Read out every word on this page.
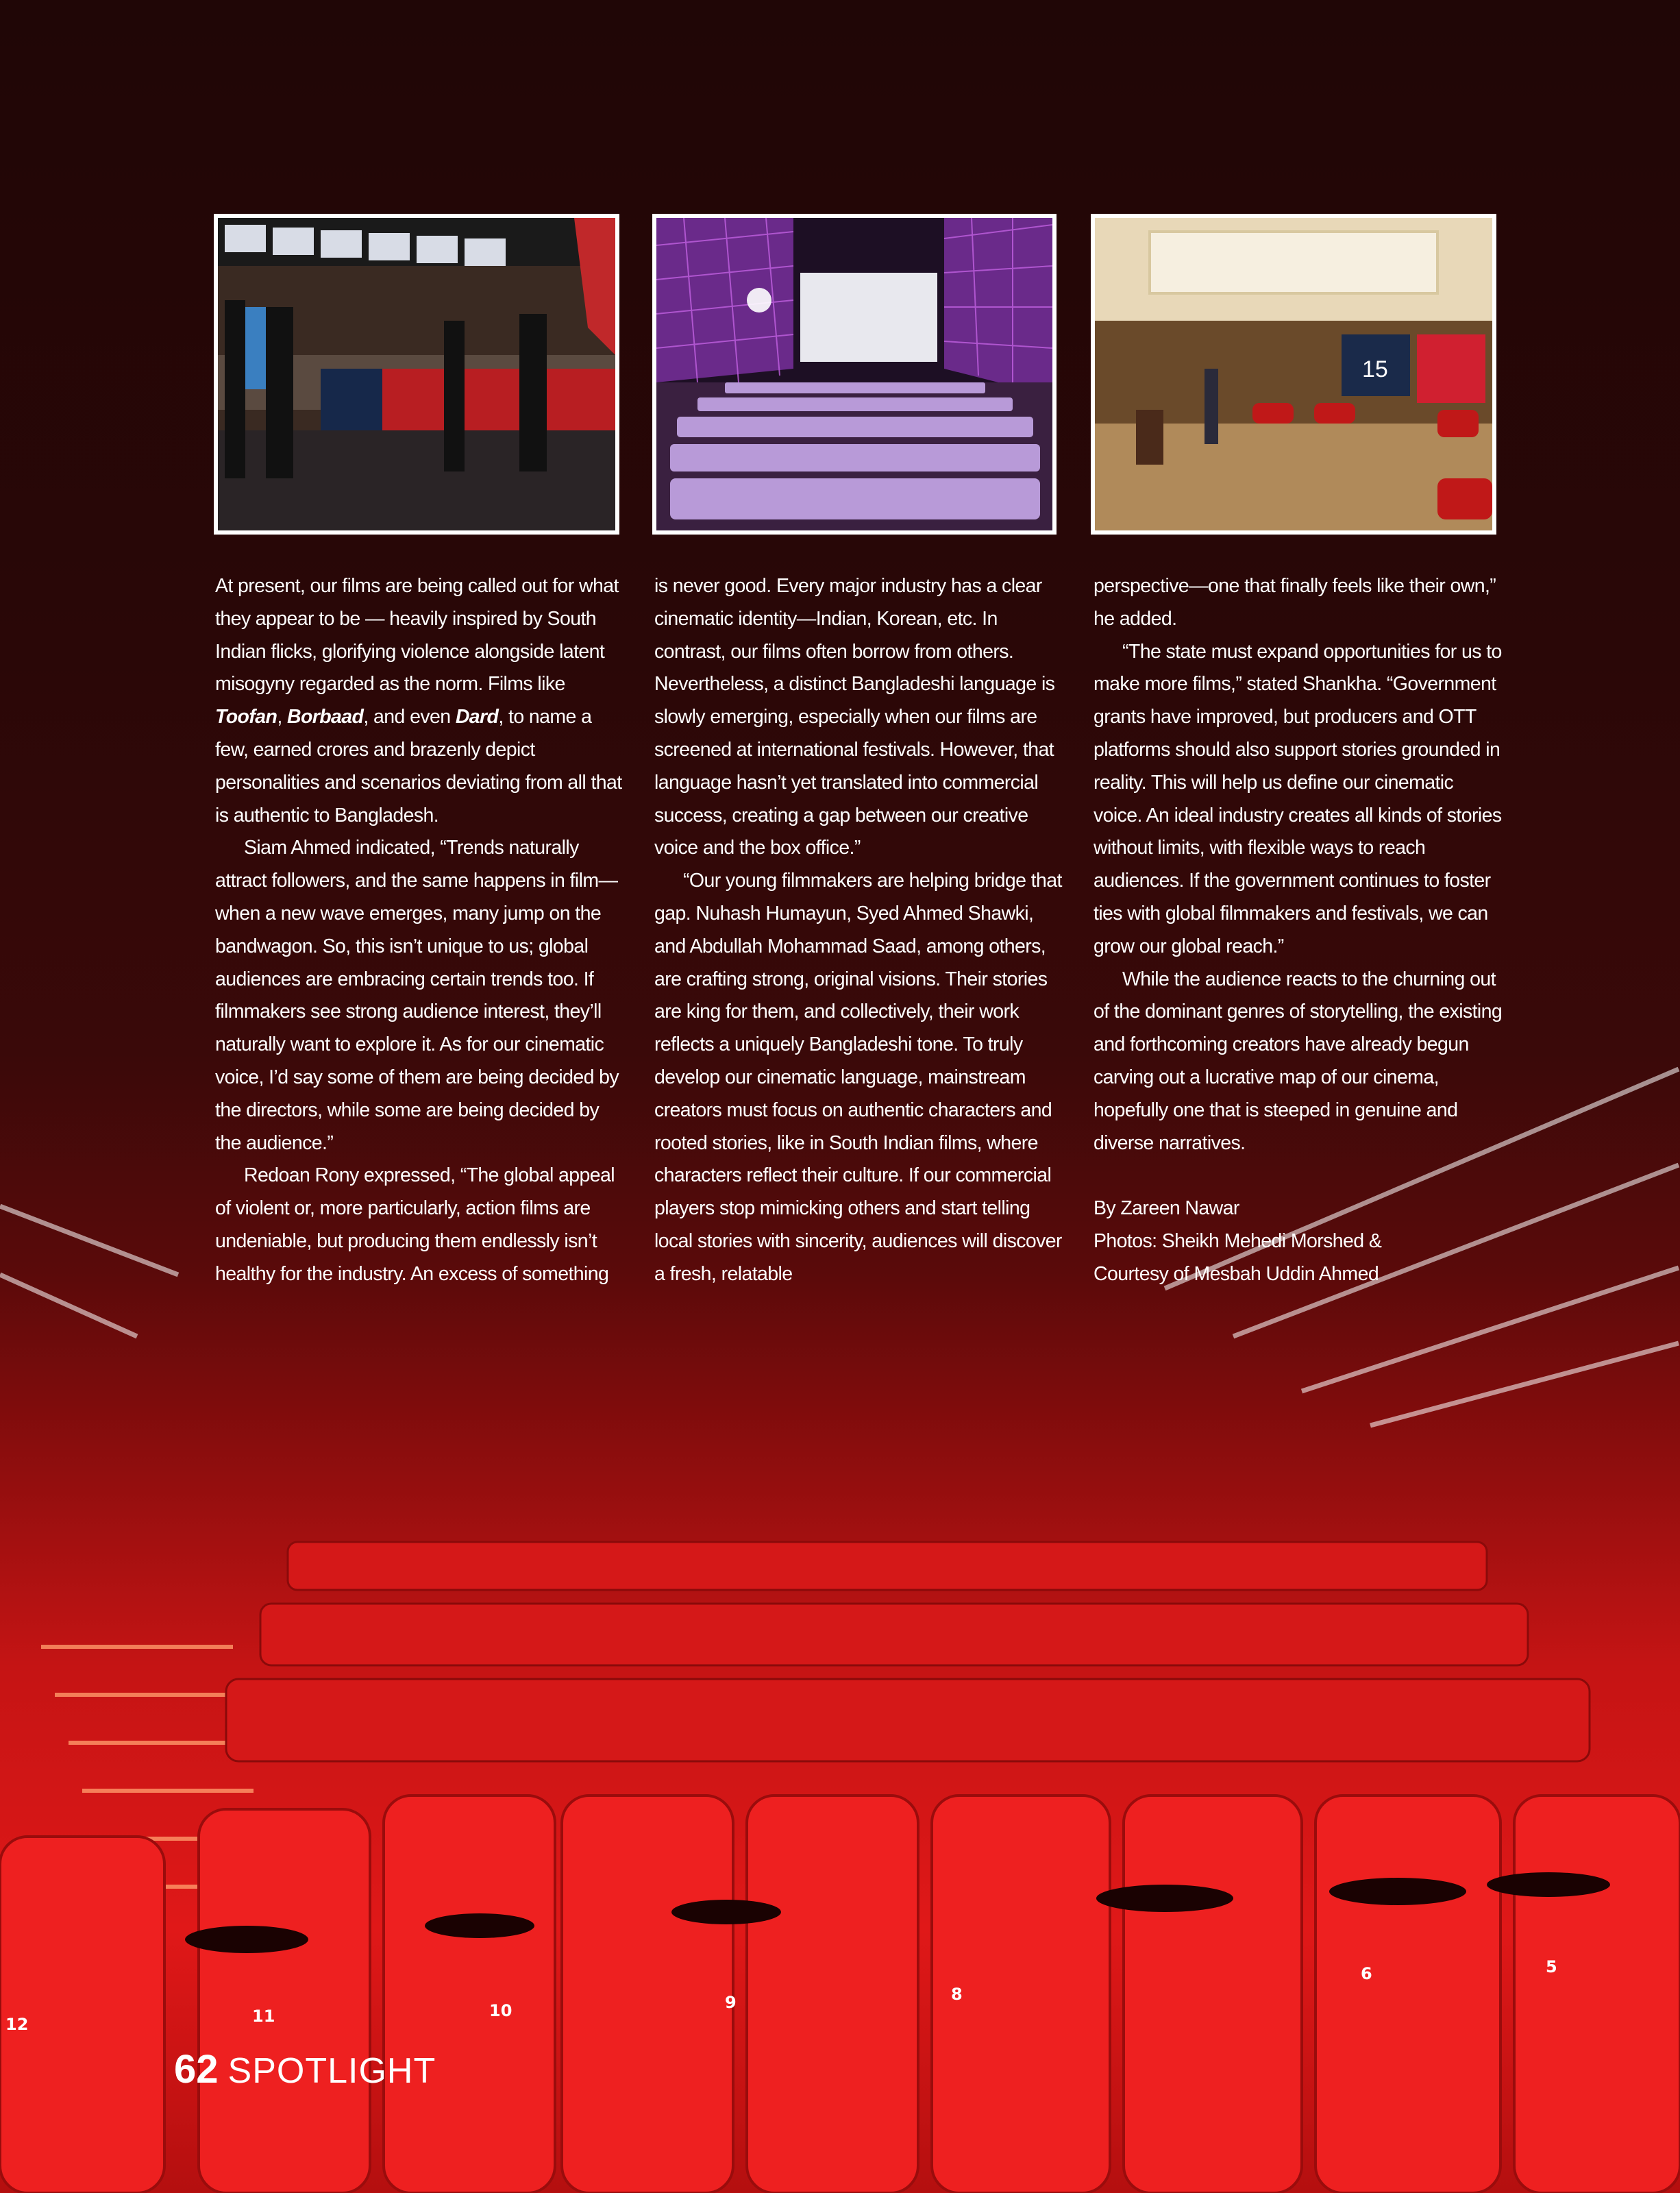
12	11	10	9	8
6	5
15

At present, our films are being called out for what they appear to be — heavily inspired by South Indian flicks, glorifying violence alongside latent misogyny regarded as the norm. Films like Toofan, Borbaad, and even Dard, to name a few, earned crores and brazenly depict personalities and scenarios deviating from all that is authentic to Bangladesh.

Siam Ahmed indicated, “Trends naturally attract followers, and the same happens in film—when a new wave emerges, many jump on the bandwagon. So, this isn’t unique to us; global audiences are embracing certain trends too. If filmmakers see strong audience interest, they’ll naturally want to explore it. As for our cinematic voice, I’d say some of them are being decided by the directors, while some are being decided by the audience.”

Redoan Rony expressed, “The global appeal of violent or, more particularly, action films are undeniable, but producing them endlessly isn’t healthy for the industry. An excess of something

is never good. Every major industry has a clear cinematic identity—Indian, Korean, etc. In contrast, our films often borrow from others. Nevertheless, a distinct Bangladeshi language is slowly emerging, especially when our films are screened at international festivals. However, that language hasn’t yet translated into commercial success, creating a gap between our creative voice and the box office.”

“Our young filmmakers are helping bridge that gap. Nuhash Humayun, Syed Ahmed Shawki, and Abdullah Mohammad Saad, among others, are crafting strong, original visions. Their stories are king for them, and collectively, their work reflects a uniquely Bangladeshi tone. To truly develop our cinematic language, mainstream creators must focus on authentic characters and rooted stories, like in South Indian films, where characters reflect their culture. If our commercial players stop mimicking others and start telling local stories with sincerity, audiences will discover a fresh, relatable

perspective—one that finally feels like their own,” he added.

“The state must expand opportunities for us to make more films,” stated Shankha. “Government grants have improved, but producers and OTT platforms should also support stories grounded in reality. This will help us define our cinematic voice. An ideal industry creates all kinds of stories without limits, with flexible ways to reach audiences. If the government continues to foster ties with global filmmakers and festivals, we can grow our global reach.”

While the audience reacts to the churning out of the dominant genres of storytelling, the existing and forthcoming creators have already begun carving out a lucrative map of our cinema, hopefully one that is steeped in genuine and diverse narratives.

By Zareen Nawar

Photos: Sheikh Mehedi Morshed &

Courtesy of Mesbah Uddin Ahmed

62 SPOTLIGHT
